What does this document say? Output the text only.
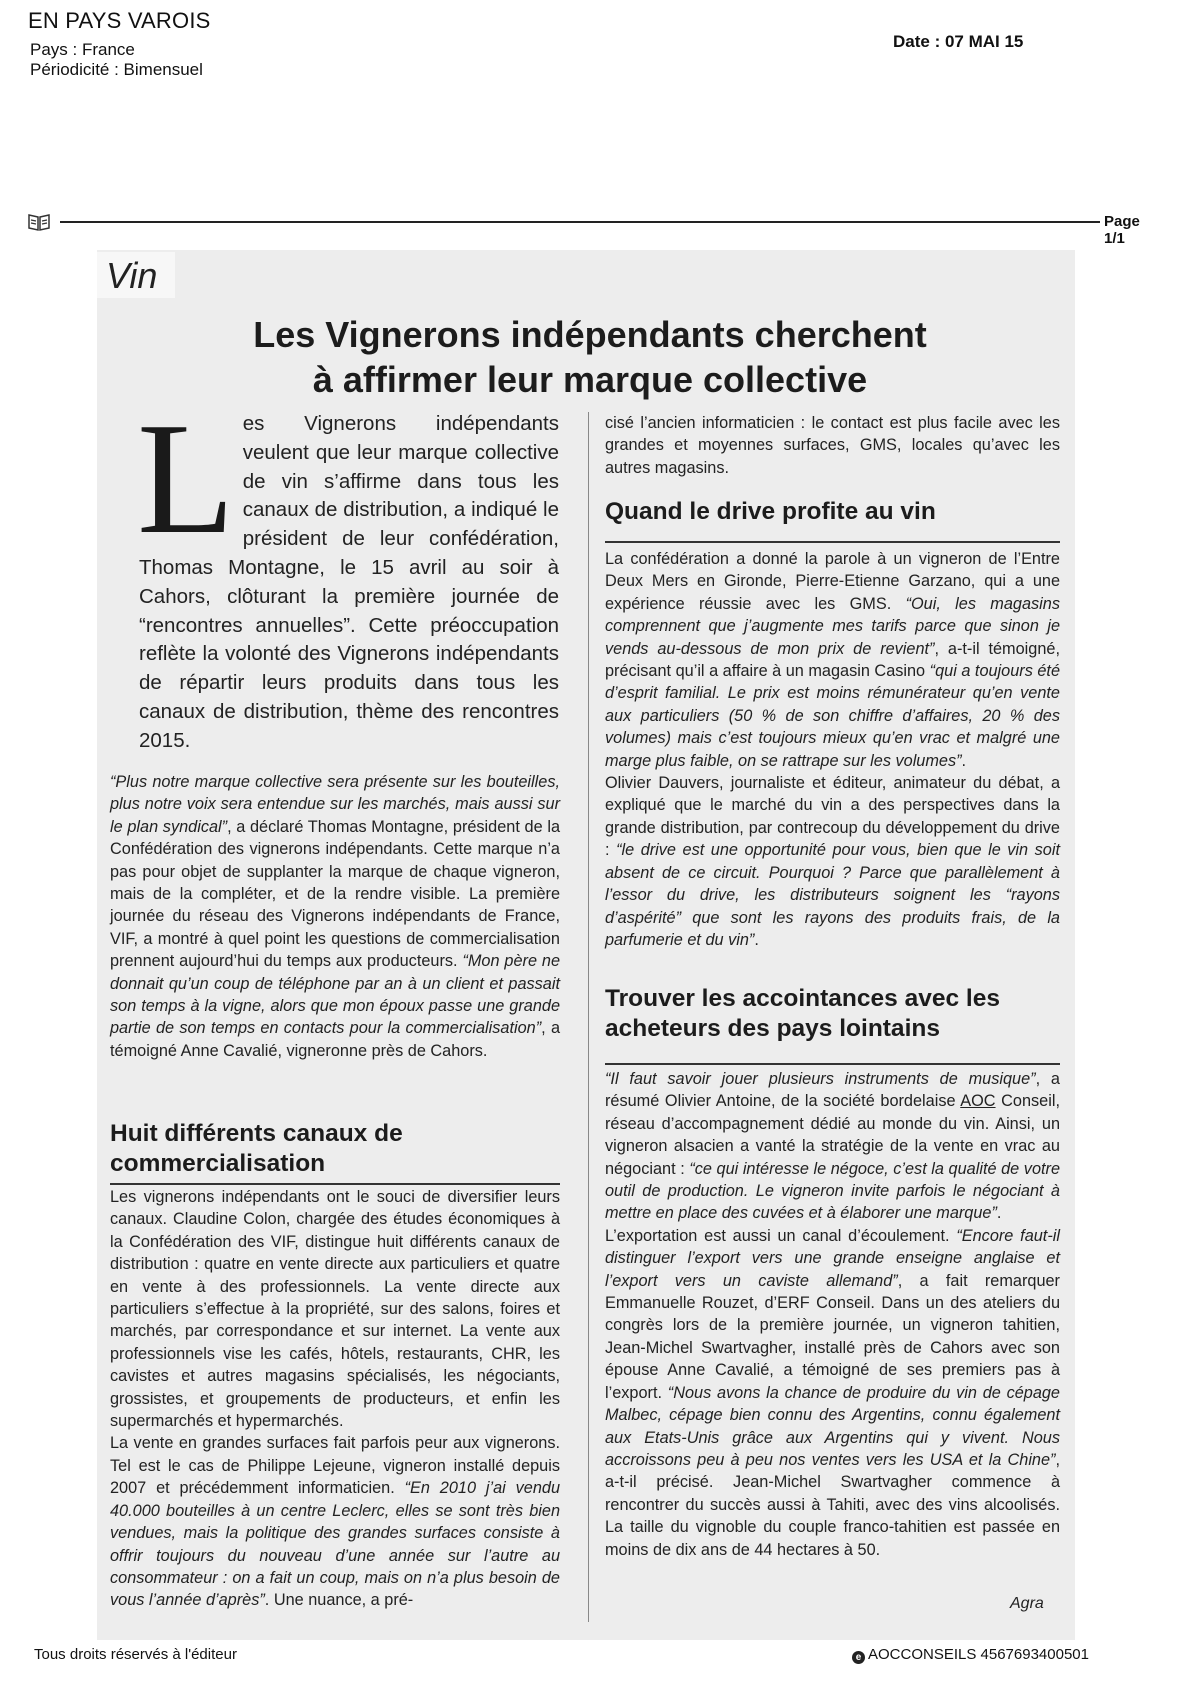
EN PAYS VAROIS
Pays : France
Périodicité : Bimensuel
Date : 07 MAI 15
Page 1/1
Vin
Les Vignerons indépendants cherchent
à affirmer leur marque collective
Les Vignerons indépendants veulent que leur marque collective de vin s’affirme dans tous les canaux de distribution, a indiqué le président de leur confédération, Thomas Montagne, le 15 avril au soir à Cahors, clôturant la première journée de “rencontres annuelles”. Cette préoccupation reflète la volonté des Vignerons indépendants de répartir leurs produits dans tous les canaux de distribution, thème des rencontres 2015.

“Plus notre marque collective sera présente sur les bouteilles, plus notre voix sera entendue sur les marchés, mais aussi sur le plan syndical”, a déclaré Thomas Montagne, président de la Confédération des vignerons indépendants. Cette marque n’a pas pour objet de supplanter la marque de chaque vigneron, mais de la compléter, et de la rendre visible. La première journée du réseau des Vignerons indépendants de France, VIF, a montré à quel point les questions de commercialisation prennent aujourd’hui du temps aux producteurs. “Mon père ne donnait qu’un coup de téléphone par an à un client et passait son temps à la vigne, alors que mon époux passe une grande partie de son temps en contacts pour la commercialisation”, a témoigné Anne Cavalié, vigneronne près de Cahors.

Huit différents canaux de commercialisation

Les vignerons indépendants ont le souci de diversifier leurs canaux. Claudine Colon, chargée des études économiques à la Confédération des VIF, distingue huit différents canaux de distribution : quatre en vente directe aux particuliers et quatre en vente à des professionnels. La vente directe aux particuliers s’effectue à la propriété, sur des salons, foires et marchés, par correspondance et sur internet. La vente aux professionnels vise les cafés, hôtels, restaurants, CHR, les cavistes et autres magasins spécialisés, les négociants, grossistes, et groupements de producteurs, et enfin les supermarchés et hypermarchés.

La vente en grandes surfaces fait parfois peur aux vignerons. Tel est le cas de Philippe Lejeune, vigneron installé depuis 2007 et précédemment informaticien. “En 2010 j’ai vendu 40.000 bouteilles à un centre Leclerc, elles se sont très bien vendues, mais la politique des grandes surfaces consiste à offrir toujours du nouveau d’une année sur l’autre au consommateur : on a fait un coup, mais on n’a plus besoin de vous l’année d’après”. Une nuance, a pré-

cisé l’ancien informaticien : le contact est plus facile avec les grandes et moyennes surfaces, GMS, locales qu’avec les autres magasins.

Quand le drive profite au vin

La confédération a donné la parole à un vigneron de l’Entre Deux Mers en Gironde, Pierre-Etienne Garzano, qui a une expérience réussie avec les GMS. “Oui, les magasins comprennent que j’augmente mes tarifs parce que sinon je vends au-dessous de mon prix de revient”, a-t-il témoigné, précisant qu’il a affaire à un magasin Casino “qui a toujours été d’esprit familial. Le prix est moins rémunérateur qu’en vente aux particuliers (50 % de son chiffre d’affaires, 20 % des volumes) mais c’est toujours mieux qu’en vrac et malgré une marge plus faible, on se rattrape sur les volumes”.

Olivier Dauvers, journaliste et éditeur, animateur du débat, a expliqué que le marché du vin a des perspectives dans la grande distribution, par contrecoup du développement du drive : “le drive est une opportunité pour vous, bien que le vin soit absent de ce circuit. Pourquoi ? Parce que parallèlement à l’essor du drive, les distributeurs soignent les “rayons d’aspérité” que sont les rayons des produits frais, de la parfumerie et du vin”.

Trouver les accointances avec les acheteurs des pays lointains

“Il faut savoir jouer plusieurs instruments de musique”, a résumé Olivier Antoine, de la société bordelaise AOC Conseil, réseau d’accompagnement dédié au monde du vin. Ainsi, un vigneron alsacien a vanté la stratégie de la vente en vrac au négociant : “ce qui intéresse le négoce, c’est la qualité de votre outil de production. Le vigneron invite parfois le négociant à mettre en place des cuvées et à élaborer une marque”.

L’exportation est aussi un canal d’écoulement. “Encore faut-il distinguer l’export vers une grande enseigne anglaise et l’export vers un caviste allemand”, a fait remarquer Emmanuelle Rouzet, d’ERF Conseil. Dans un des ateliers du congrès lors de la première journée, un vigneron tahitien, Jean-Michel Swartvagher, installé près de Cahors avec son épouse Anne Cavalié, a témoigné de ses premiers pas à l’export. “Nous avons la chance de produire du vin de cépage Malbec, cépage bien connu des Argentins, connu également aux Etats-Unis grâce aux Argentins qui y vivent. Nous accroissons peu à peu nos ventes vers les USA et la Chine”, a-t-il précisé. Jean-Michel Swartvagher commence à rencontrer du succès aussi à Tahiti, avec des vins alcoolisés. La taille du vignoble du couple franco-tahitien est passée en moins de dix ans de 44 hectares à 50.

Agra
Tous droits réservés à l'éditeur	e AOCCONSEILS 4567693400501
